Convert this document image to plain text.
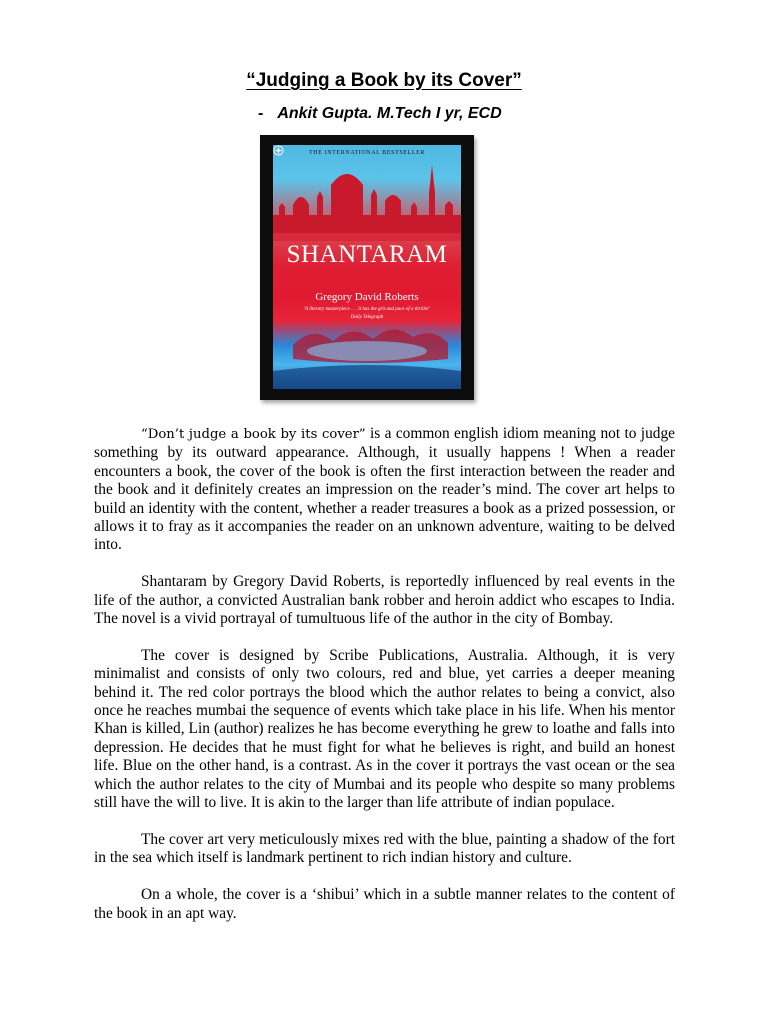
“Judging a Book by its Cover”
- Ankit Gupta. M.Tech I yr, ECD
THE INTERNATIONAL BESTSELLER
SHANTARAM
Gregory David Roberts
'A literary masterpiece . . . it has the grit and pace of a thriller'
Daily Telegraph

“Don’t judge a book by its cover” is a common english idiom meaning not to judge something by its outward appearance. Although, it usually happens ! When a reader encounters a book, the cover of the book is often the first interaction between the reader and the book and it definitely creates an impression on the reader’s mind. The cover art helps to build an identity with the content, whether a reader treasures a book as a prized possession, or allows it to fray as it accompanies the reader on an unknown adventure, waiting to be delved into.

Shantaram by Gregory David Roberts, is reportedly influenced by real events in the life of the author, a convicted Australian bank robber and heroin addict who escapes to India. The novel is a vivid portrayal of tumultuous life of the author in the city of Bombay.

The cover is designed by Scribe Publications, Australia. Although, it is very minimalist and consists of only two colours, red and blue, yet carries a deeper meaning behind it. The red color portrays the blood which the author relates to being a convict, also once he reaches mumbai the sequence of events which take place in his life. When his mentor Khan is killed, Lin (author) realizes he has become everything he grew to loathe and falls into depression. He decides that he must fight for what he believes is right, and build an honest life. Blue on the other hand, is a contrast. As in the cover it portrays the vast ocean or the sea which the author relates to the city of Mumbai and its people who despite so many problems still have the will to live. It is akin to the larger than life attribute of indian populace.

The cover art very meticulously mixes red with the blue, painting a shadow of the fort in the sea which itself is landmark pertinent to rich indian history and culture.

On a whole, the cover is a ‘shibui’ which in a subtle manner relates to the content of the book in an apt way.
